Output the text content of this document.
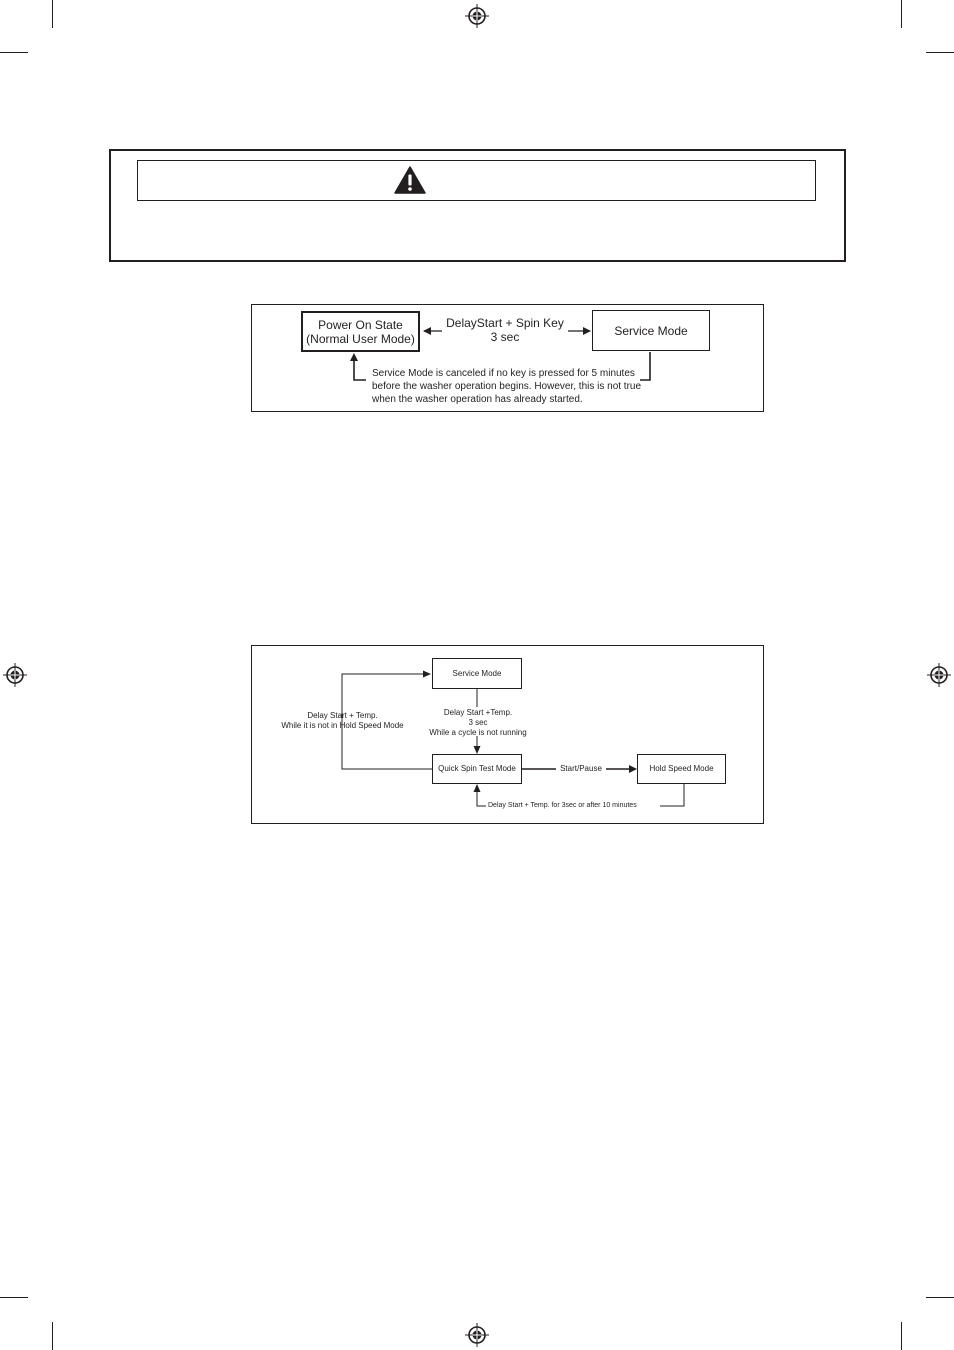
Power On State
(Normal User Mode)
Service Mode
DelayStart + Spin Key
3 sec
Service Mode is canceled if no key is pressed for 5 minutes
before the washer operation begins. However, this is not true
when the washer operation has already started.
Service Mode
Quick Spin Test Mode	Hold Speed Mode
Delay Start +Temp.
3 sec
While a cycle is not running
Delay Start + Temp.
While it is not in Hold Speed Mode
Start/Pause
Delay Start + Temp. for 3sec or after 10 minutes
